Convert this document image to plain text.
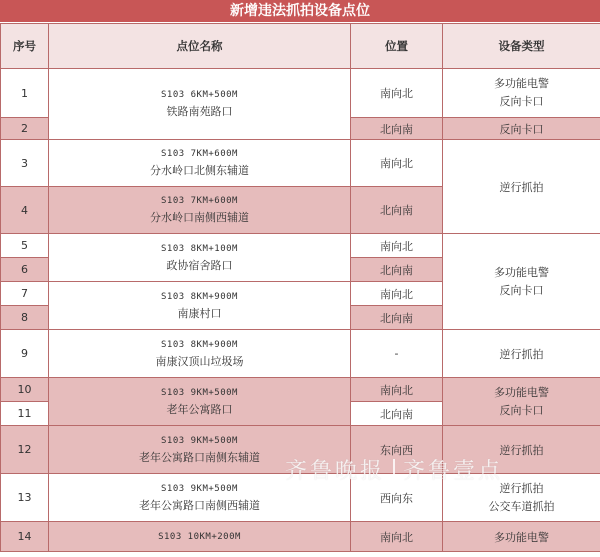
新增违法抓拍设备点位
序号	点位名称	位置	设备类型
1	S103 6KM+500M
铁路南苑路口	南向北	多功能电警
反向卡口

2		北向南	反向卡口
3	S103 7KM+600M
分水岭口北侧东辅道	南向北	逆行抓拍
4	S103 7KM+600M
分水岭口南侧西辅道	北向南	
5	S103 8KM+100M
政协宿舍路口	南向北	多功能电警
反向卡口

6		北向南	
7	S103 8KM+900M
南康村口	南向北	
8		北向南	
9	S103 8KM+900M
南康汉顶山垃圾场	-	逆行抓拍
10	S103 9KM+500M
老年公寓路口	南向北	多功能电警
反向卡口

11		北向南	
12	S103 9KM+500M
老年公寓路口南侧东辅道	东向西	逆行抓拍
13	S103 9KM+500M
老年公寓路口南侧西辅道	西向东	逆行抓拍
公交车道抓拍

14	S103 10KM+200M	南向北	多功能电警
齐鲁晚报 齐鲁壹点
